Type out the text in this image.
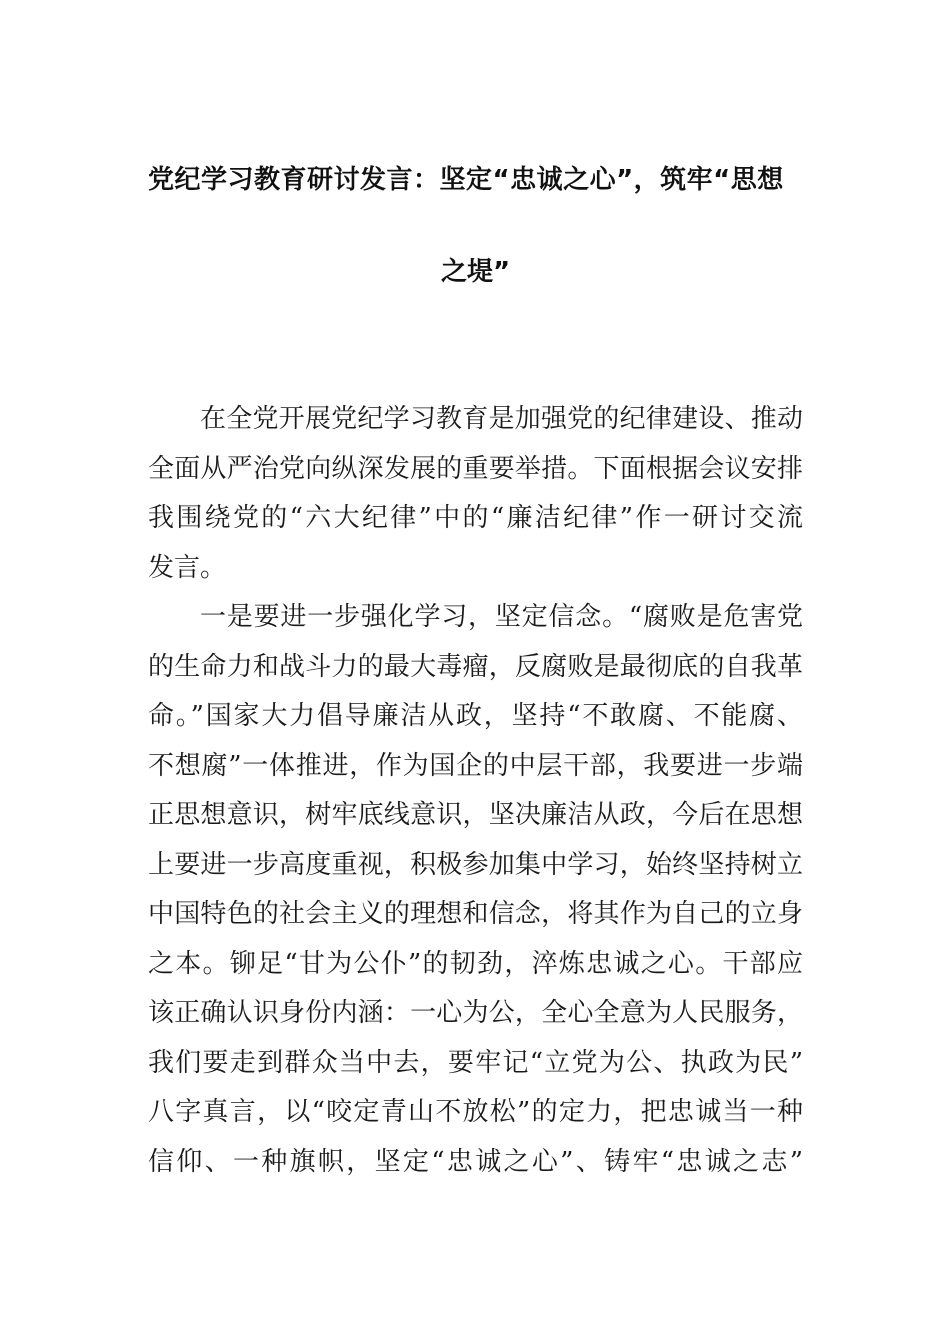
党纪学习教育研讨发言：坚定“忠诚之心”，筑牢“思想
之堤”
在全党开展党纪学习教育是加强党的纪律建设、推动
全面从严治党向纵深发展的重要举措。下面根据会议安排
我围绕党的“六大纪律”中的“廉洁纪律”作一研讨交流
发言。
一是要进一步强化学习，坚定信念。“腐败是危害党
的生命力和战斗力的最大毒瘤，反腐败是最彻底的自我革
命。”国家大力倡导廉洁从政，坚持“不敢腐、不能腐、
不想腐”一体推进，作为国企的中层干部，我要进一步端
正思想意识，树牢底线意识，坚决廉洁从政，今后在思想
上要进一步高度重视，积极参加集中学习，始终坚持树立
中国特色的社会主义的理想和信念，将其作为自己的立身
之本。铆足“甘为公仆”的韧劲，淬炼忠诚之心。干部应
该正确认识身份内涵：一心为公，全心全意为人民服务，
我们要走到群众当中去，要牢记“立党为公、执政为民”
八字真言，以“咬定青山不放松”的定力，把忠诚当一种
信仰、一种旗帜，坚定“忠诚之心”、铸牢“忠诚之志”
